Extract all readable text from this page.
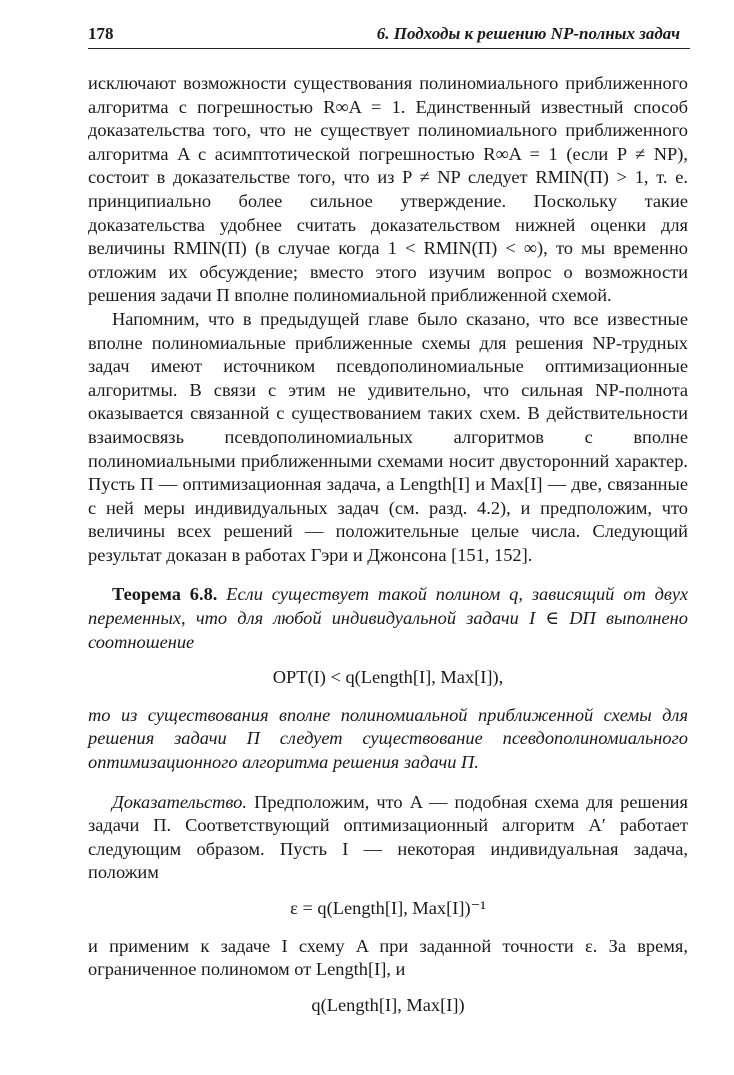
178	6. Подходы к решению NP-полных задач

исключают возможности существования полиномиального приближенного алгоритма с погрешностью R∞A = 1. Единственный известный способ доказательства того, что не существует полиномиального приближенного алгоритма A с асимптотической погрешностью R∞A = 1 (если P ≠ NP), состоит в доказательстве того, что из P ≠ NP следует RMIN(Π) > 1, т. е. принципиально более сильное утверждение. Поскольку такие доказательства удобнее считать доказательством нижней оценки для величины RMIN(Π) (в случае когда 1 < RMIN(Π) < ∞), то мы временно отложим их обсуждение; вместо этого изучим вопрос о возможности решения задачи Π вполне полиномиальной приближенной схемой.

Напомним, что в предыдущей главе было сказано, что все известные вполне полиномиальные приближенные схемы для решения NP-трудных задач имеют источником псевдополиномиальные оптимизационные алгоритмы. В связи с этим не удивительно, что сильная NP-полнота оказывается связанной с существованием таких схем. В действительности взаимосвязь псевдополиномиальных алгоритмов с вполне полиномиальными приближенными схемами носит двусторонний характер. Пусть Π — оптимизационная задача, а Length[I] и Max[I] — две, связанные с ней меры индивидуальных задач (см. разд. 4.2), и предположим, что величины всех решений — положительные целые числа. Следующий результат доказан в работах Гэри и Джонсона [151, 152].

Теорема 6.8. Если существует такой полином q, зависящий от двух переменных, что для любой индивидуальной задачи I ∈ DΠ выполнено соотношение

OPT(I) < q(Length[I], Max[I]),

то из существования вполне полиномиальной приближенной схемы для решения задачи Π следует существование псевдополиномиального оптимизационного алгоритма решения задачи Π.

Доказательство. Предположим, что A — подобная схема для решения задачи Π. Соответствующий оптимизационный алгоритм A′ работает следующим образом. Пусть I — некоторая индивидуальная задача, положим

ε = q(Length[I], Max[I])⁻¹

и применим к задаче I схему A при заданной точности ε. За время, ограниченное полиномом от Length[I], и

q(Length[I], Max[I])
